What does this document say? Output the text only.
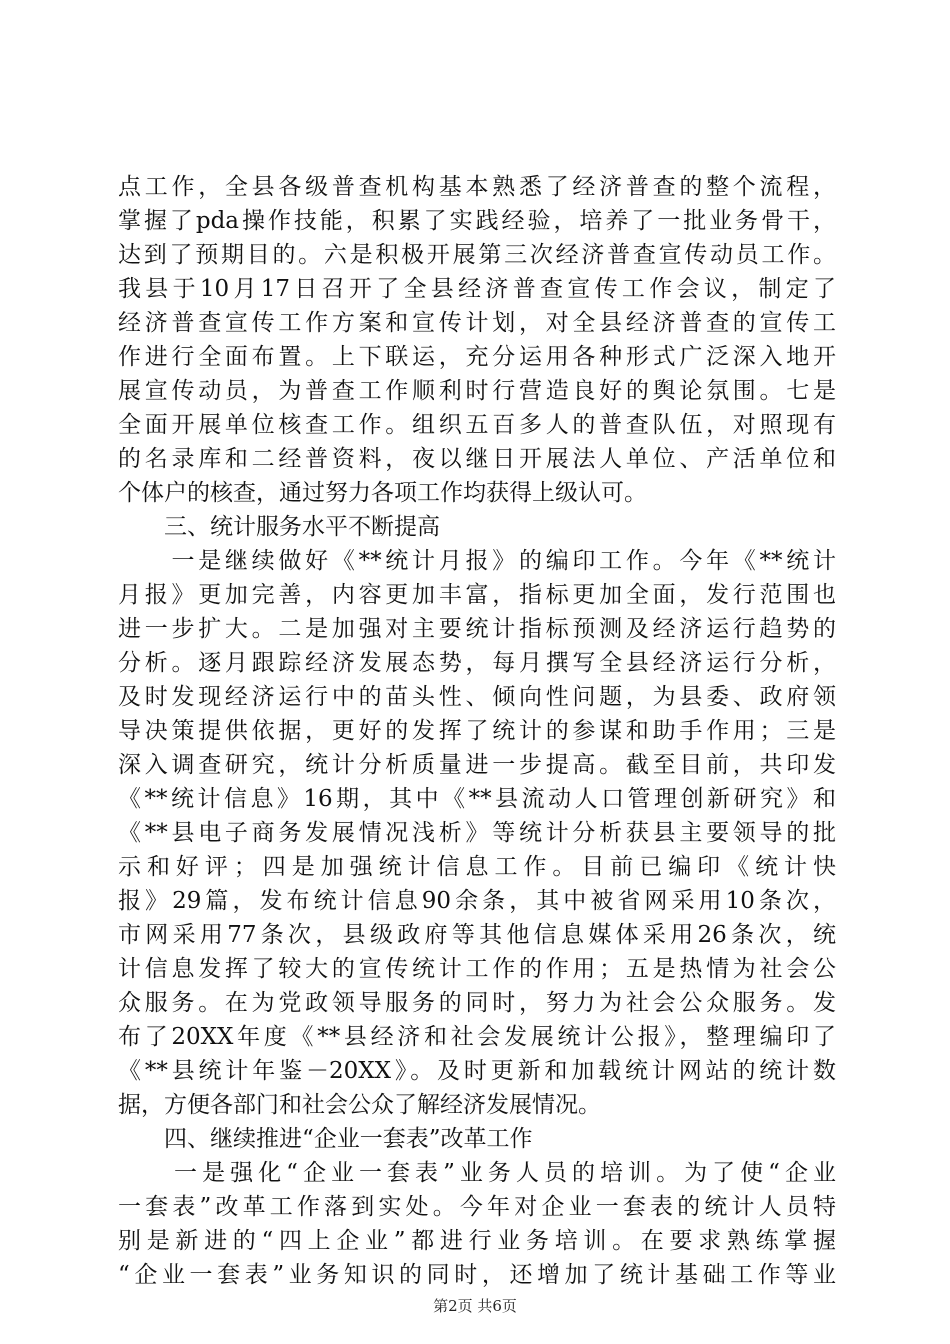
点工作，全县各级普查机构基本熟悉了经济普查的整个流程，
掌握了pda操作技能，积累了实践经验，培养了一批业务骨干，
达到了预期目的。六是积极开展第三次经济普查宣传动员工作。
我县于10月17日召开了全县经济普查宣传工作会议，制定了
经济普查宣传工作方案和宣传计划，对全县经济普查的宣传工
作进行全面布置。上下联运，充分运用各种形式广泛深入地开
展宣传动员，为普查工作顺利时行营造良好的舆论氛围。七是
全面开展单位核查工作。组织五百多人的普查队伍，对照现有
的名录库和二经普资料，夜以继日开展法人单位、产活单位和
个体户的核查，通过努力各项工作均获得上级认可。
　　三、统计服务水平不断提高
　　一是继续做好《**统计月报》的编印工作。今年《**统计
月报》更加完善，内容更加丰富，指标更加全面，发行范围也
进一步扩大。二是加强对主要统计指标预测及经济运行趋势的
分析。逐月跟踪经济发展态势，每月撰写全县经济运行分析，
及时发现经济运行中的苗头性、倾向性问题，为县委、政府领
导决策提供依据，更好的发挥了统计的参谋和助手作用；三是
深入调查研究，统计分析质量进一步提高。截至目前，共印发
《**统计信息》16期，其中《**县流动人口管理创新研究》和
《**县电子商务发展情况浅析》等统计分析获县主要领导的批
示和好评；四是加强统计信息工作。目前已编印《统计快
报》29篇，发布统计信息90余条，其中被省网采用10条次，
市网采用77条次，县级政府等其他信息媒体采用26条次，统
计信息发挥了较大的宣传统计工作的作用；五是热情为社会公
众服务。在为党政领导服务的同时，努力为社会公众服务。发
布了20XX年度《**县经济和社会发展统计公报》，整理编印了
《**县统计年鉴－20XX》。及时更新和加载统计网站的统计数
据，方便各部门和社会公众了解经济发展情况。
　　四、继续推进“企业一套表”改革工作
　　一是强化“企业一套表”业务人员的培训。为了使“企业
一套表”改革工作落到实处。今年对企业一套表的统计人员特
别是新进的“四上企业”都进行业务培训。在要求熟练掌握
“企业一套表”业务知识的同时，还增加了统计基础工作等业
第2页 共6页
